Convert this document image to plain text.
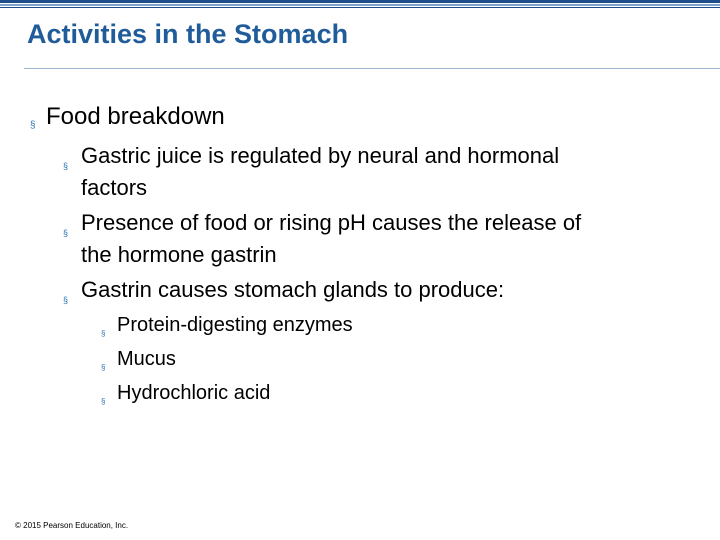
Activities in the Stomach
§ Food breakdown
§ Gastric juice is regulated by neural and hormonal
factors
§ Presence of food or rising pH causes the release of
the hormone gastrin
§ Gastrin causes stomach glands to produce:
§ Protein-digesting enzymes
§ Mucus
§ Hydrochloric acid
© 2015 Pearson Education, Inc.
